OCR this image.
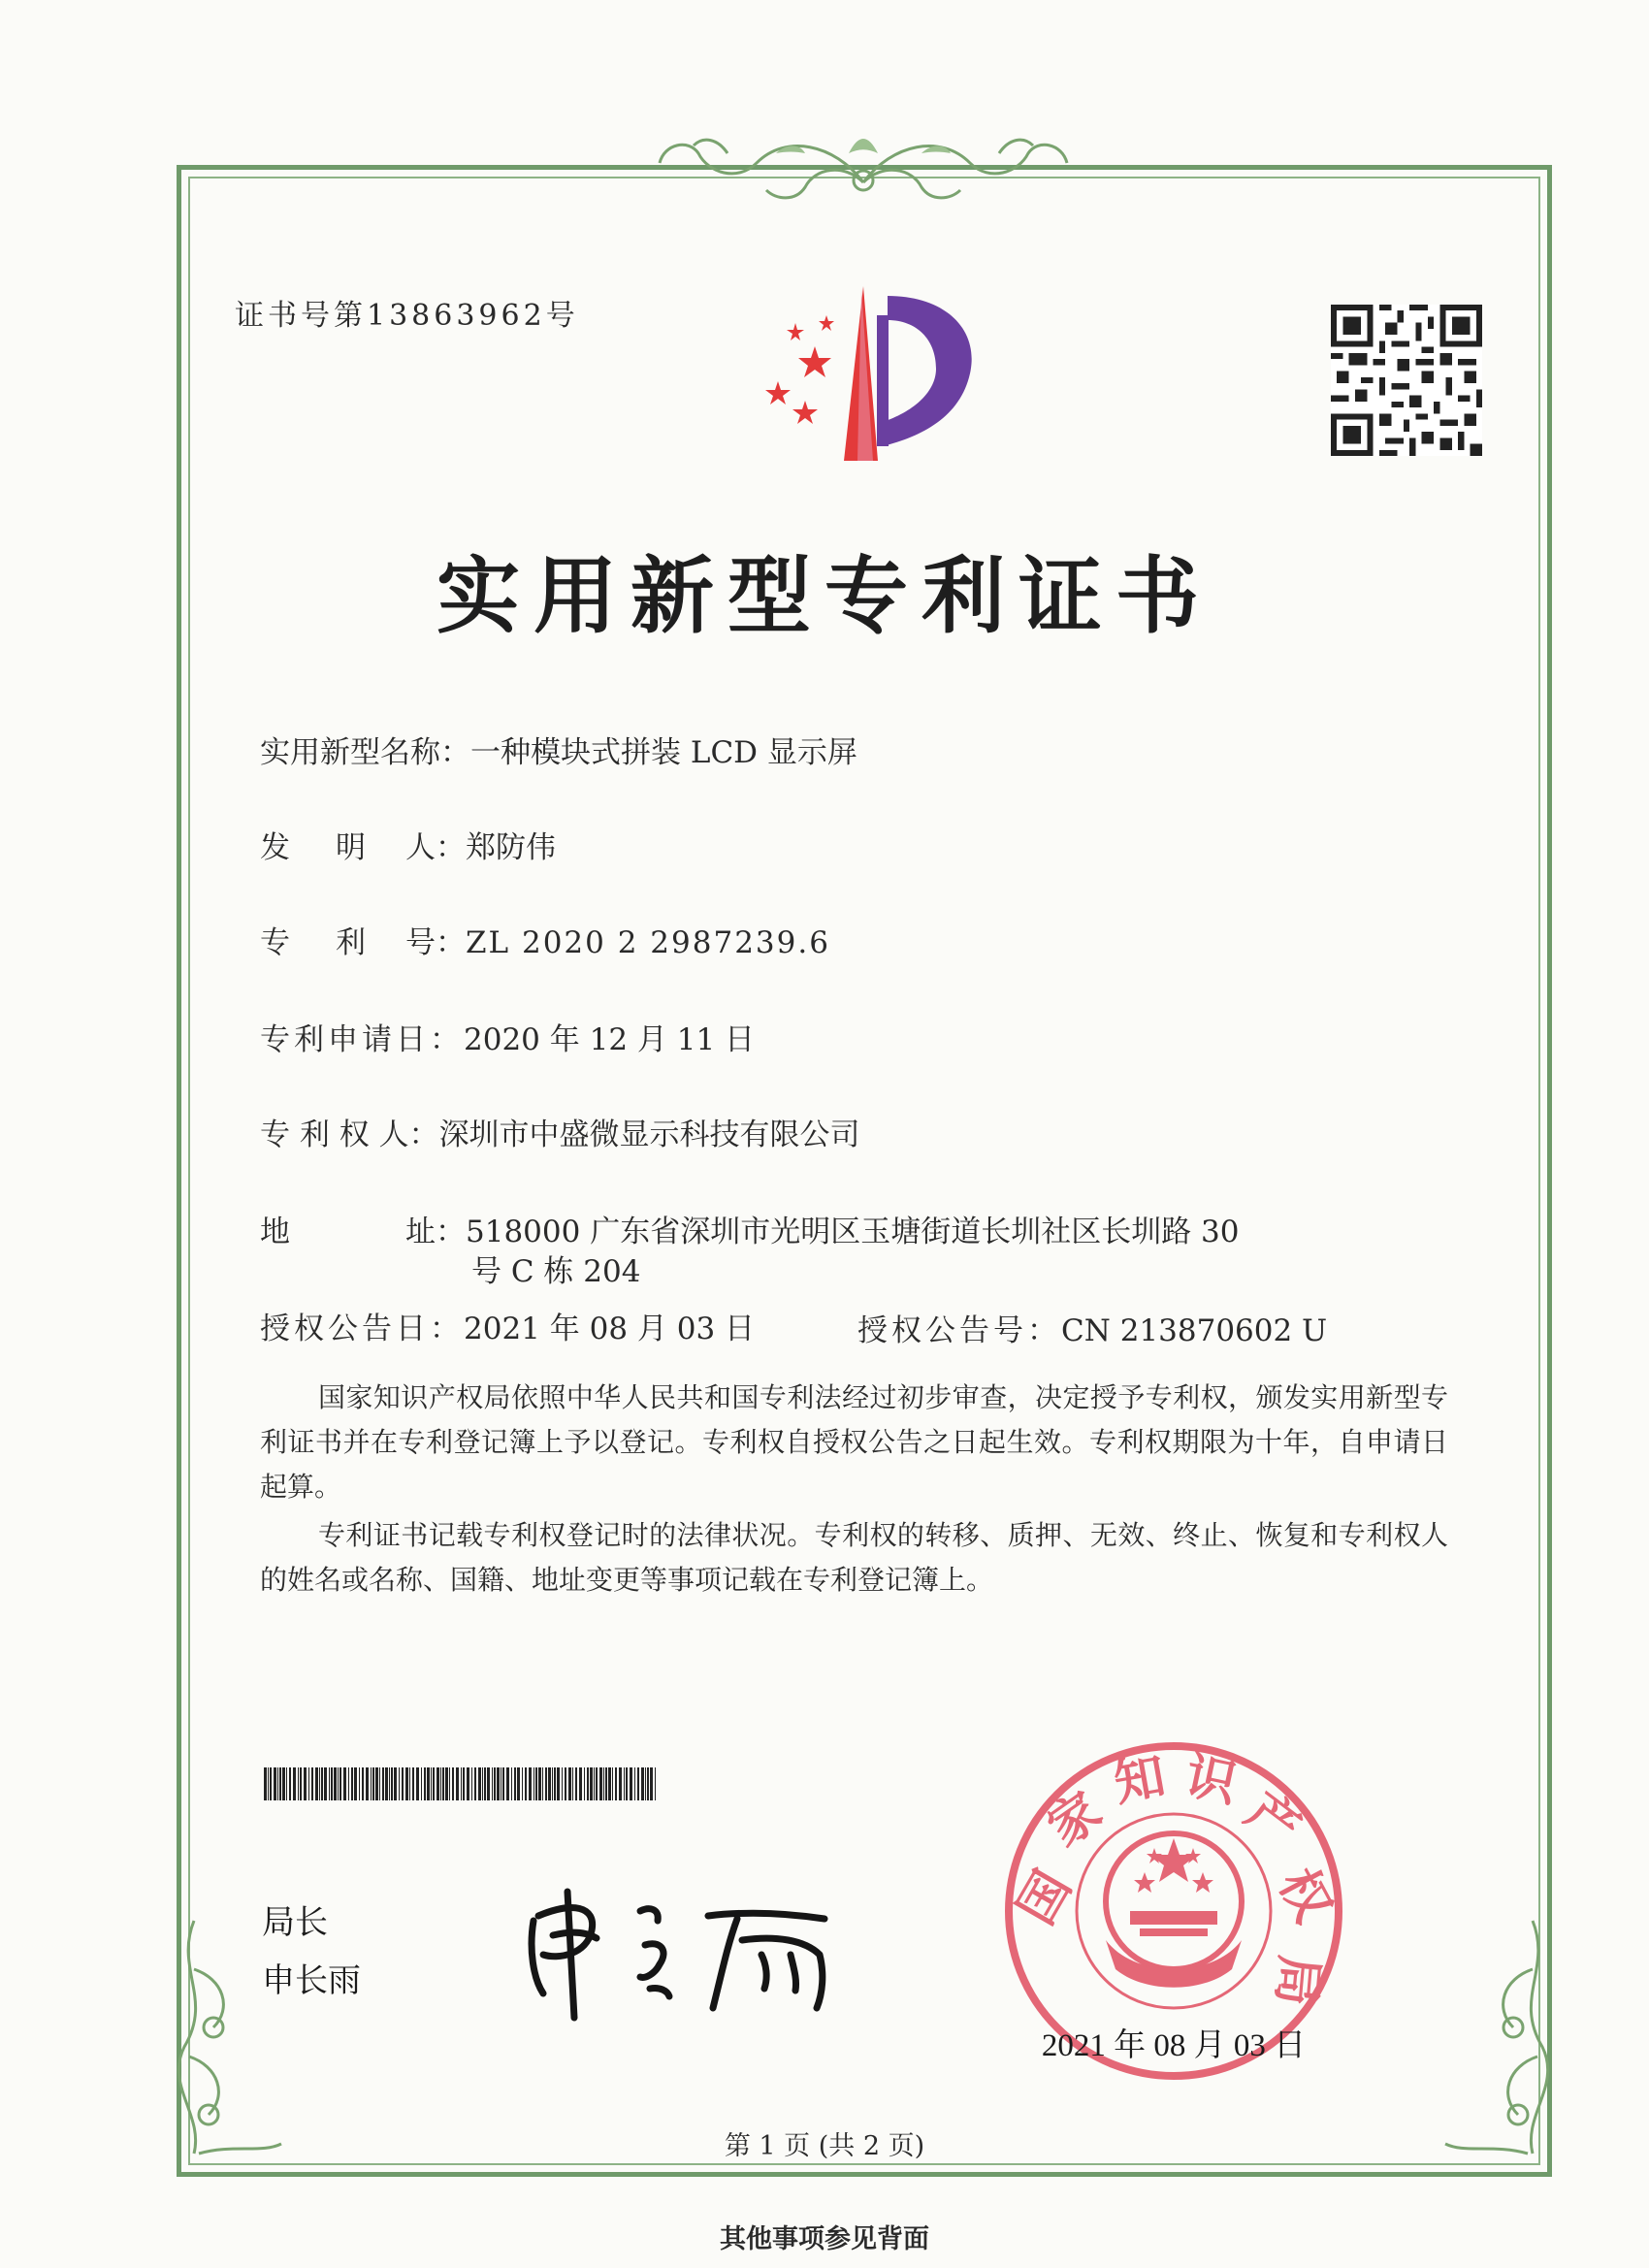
证书号第13863962号
实用新型专利证书
实用新型名称：一种模块式拼装 LCD 显示屏
发 明 人：郑防伟
专 利 号：ZL 2020 2 2987239.6
专利申请日：2020 年 12 月 11 日
专 利 权 人：深圳市中盛微显示科技有限公司
地	址：518000 广东省深圳市光明区玉塘街道长圳社区长圳路 30
号 C 栋 204
授权公告日：2021 年 08 月 03 日	授权公告号：CN 213870602 U
国家知识产权局依照中华人民共和国专利法经过初步审查，决定授予专利权，颁发实用新型专利证书并在专利登记簿上予以登记。专利权自授权公告之日起生效。专利权期限为十年，自申请日起算。
专利证书记载专利权登记时的法律状况。专利权的转移、质押、无效、终止、恢复和专利权人的姓名或名称、国籍、地址变更等事项记载在专利登记簿上。
局长
申长雨
国
家
知 识
产
权
局
2021 年 08 月 03 日
第 1 页 (共 2 页)
其他事项参见背面
